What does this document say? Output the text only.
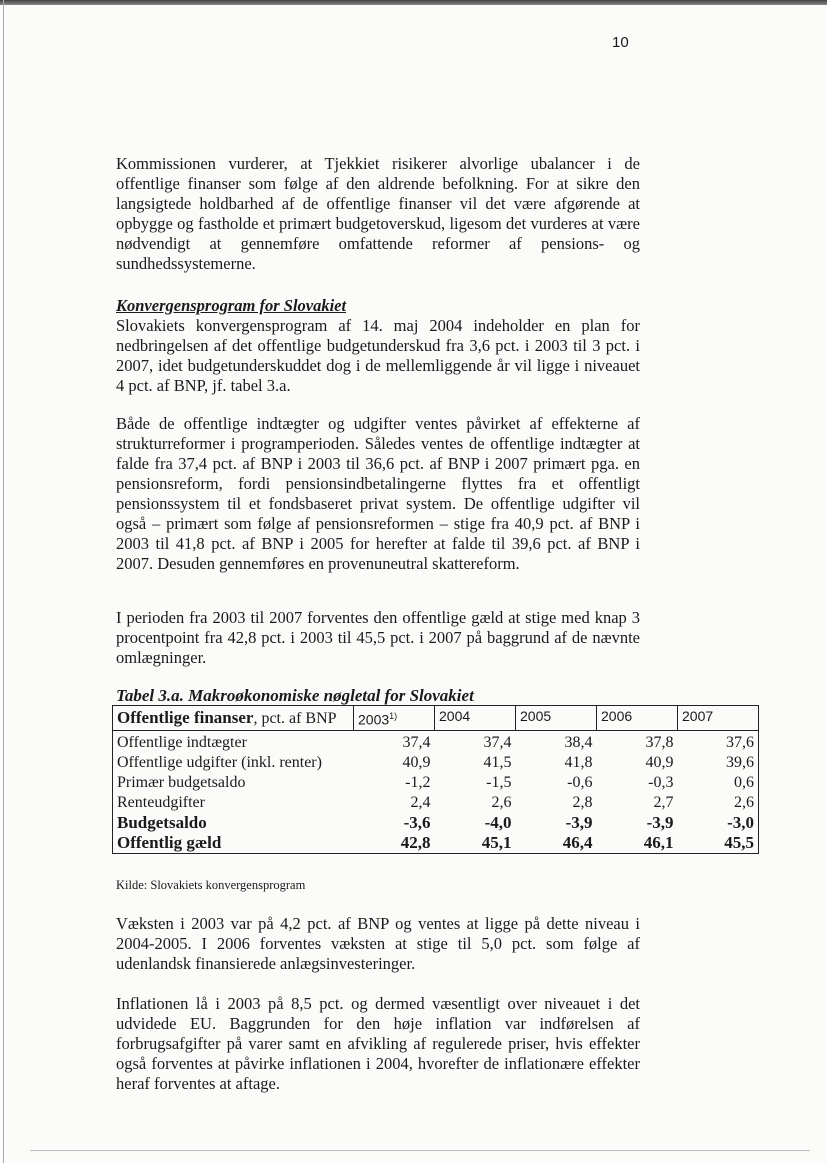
10
Kommissionen vurderer, at Tjekkiet risikerer alvorlige ubalancer i de offentlige finanser som følge af den aldrende befolkning. For at sikre den langsigtede holdbarhed af de offentlige finanser vil det være afgørende at opbygge og fastholde et primært budgetoverskud, ligesom det vurderes at være nødvendigt at gennemføre omfattende reformer af pensions- og sundhedssystemerne.
Konvergensprogram for Slovakiet
Slovakiets konvergensprogram af 14. maj 2004 indeholder en plan for nedbringelsen af det offentlige budgetunderskud fra 3,6 pct. i 2003 til 3 pct. i 2007, idet budgetunderskuddet dog i de mellemliggende år vil ligge i niveauet 4 pct. af BNP, jf. tabel 3.a.
Både de offentlige indtægter og udgifter ventes påvirket af effekterne af strukturreformer i programperioden. Således ventes de offentlige indtægter at falde fra 37,4 pct. af BNP i 2003 til 36,6 pct. af BNP i 2007 primært pga. en pensionsreform, fordi pensionsindbetalingerne flyttes fra et offentligt pensionssystem til et fondsbaseret privat system. De offentlige udgifter vil også – primært som følge af pensionsreformen – stige fra 40,9 pct. af BNP i 2003 til 41,8 pct. af BNP i 2005 for herefter at falde til 39,6 pct. af BNP i 2007. Desuden gennemføres en provenuneutral skattereform.
I perioden fra 2003 til 2007 forventes den offentlige gæld at stige med knap 3 procentpoint fra 42,8 pct. i 2003 til 45,5 pct. i 2007 på baggrund af de nævnte omlægninger.
Tabel 3.a. Makroøkonomiske nøgletal for Slovakiet
Offentlige finanser, pct. af BNP	2003$^{1)}$	2004	2005	2006	2007
Offentlige indtægter	37,4	37,4	38,4	37,8	37,6
Offentlige udgifter (inkl. renter)	40,9	41,5	41,8	40,9	39,6
Primær budgetsaldo	-1,2	-1,5	-0,6	-0,3	0,6
Renteudgifter	2,4	2,6	2,8	2,7	2,6
Budgetsaldo	-3,6	-4,0	-3,9	-3,9	-3,0
Offentlig gæld	42,8	45,1	46,4	46,1	45,5
Kilde: Slovakiets konvergensprogram
Væksten i 2003 var på 4,2 pct. af BNP og ventes at ligge på dette niveau i 2004-2005. I 2006 forventes væksten at stige til 5,0 pct. som følge af udenlandsk finansierede anlægsinvesteringer.
Inflationen lå i 2003 på 8,5 pct. og dermed væsentligt over niveauet i det udvidede EU. Baggrunden for den høje inflation var indførelsen af forbrugsafgifter på varer samt en afvikling af regulerede priser, hvis effekter også forventes at påvirke inflationen i 2004, hvorefter de inflationære effekter heraf forventes at aftage.
